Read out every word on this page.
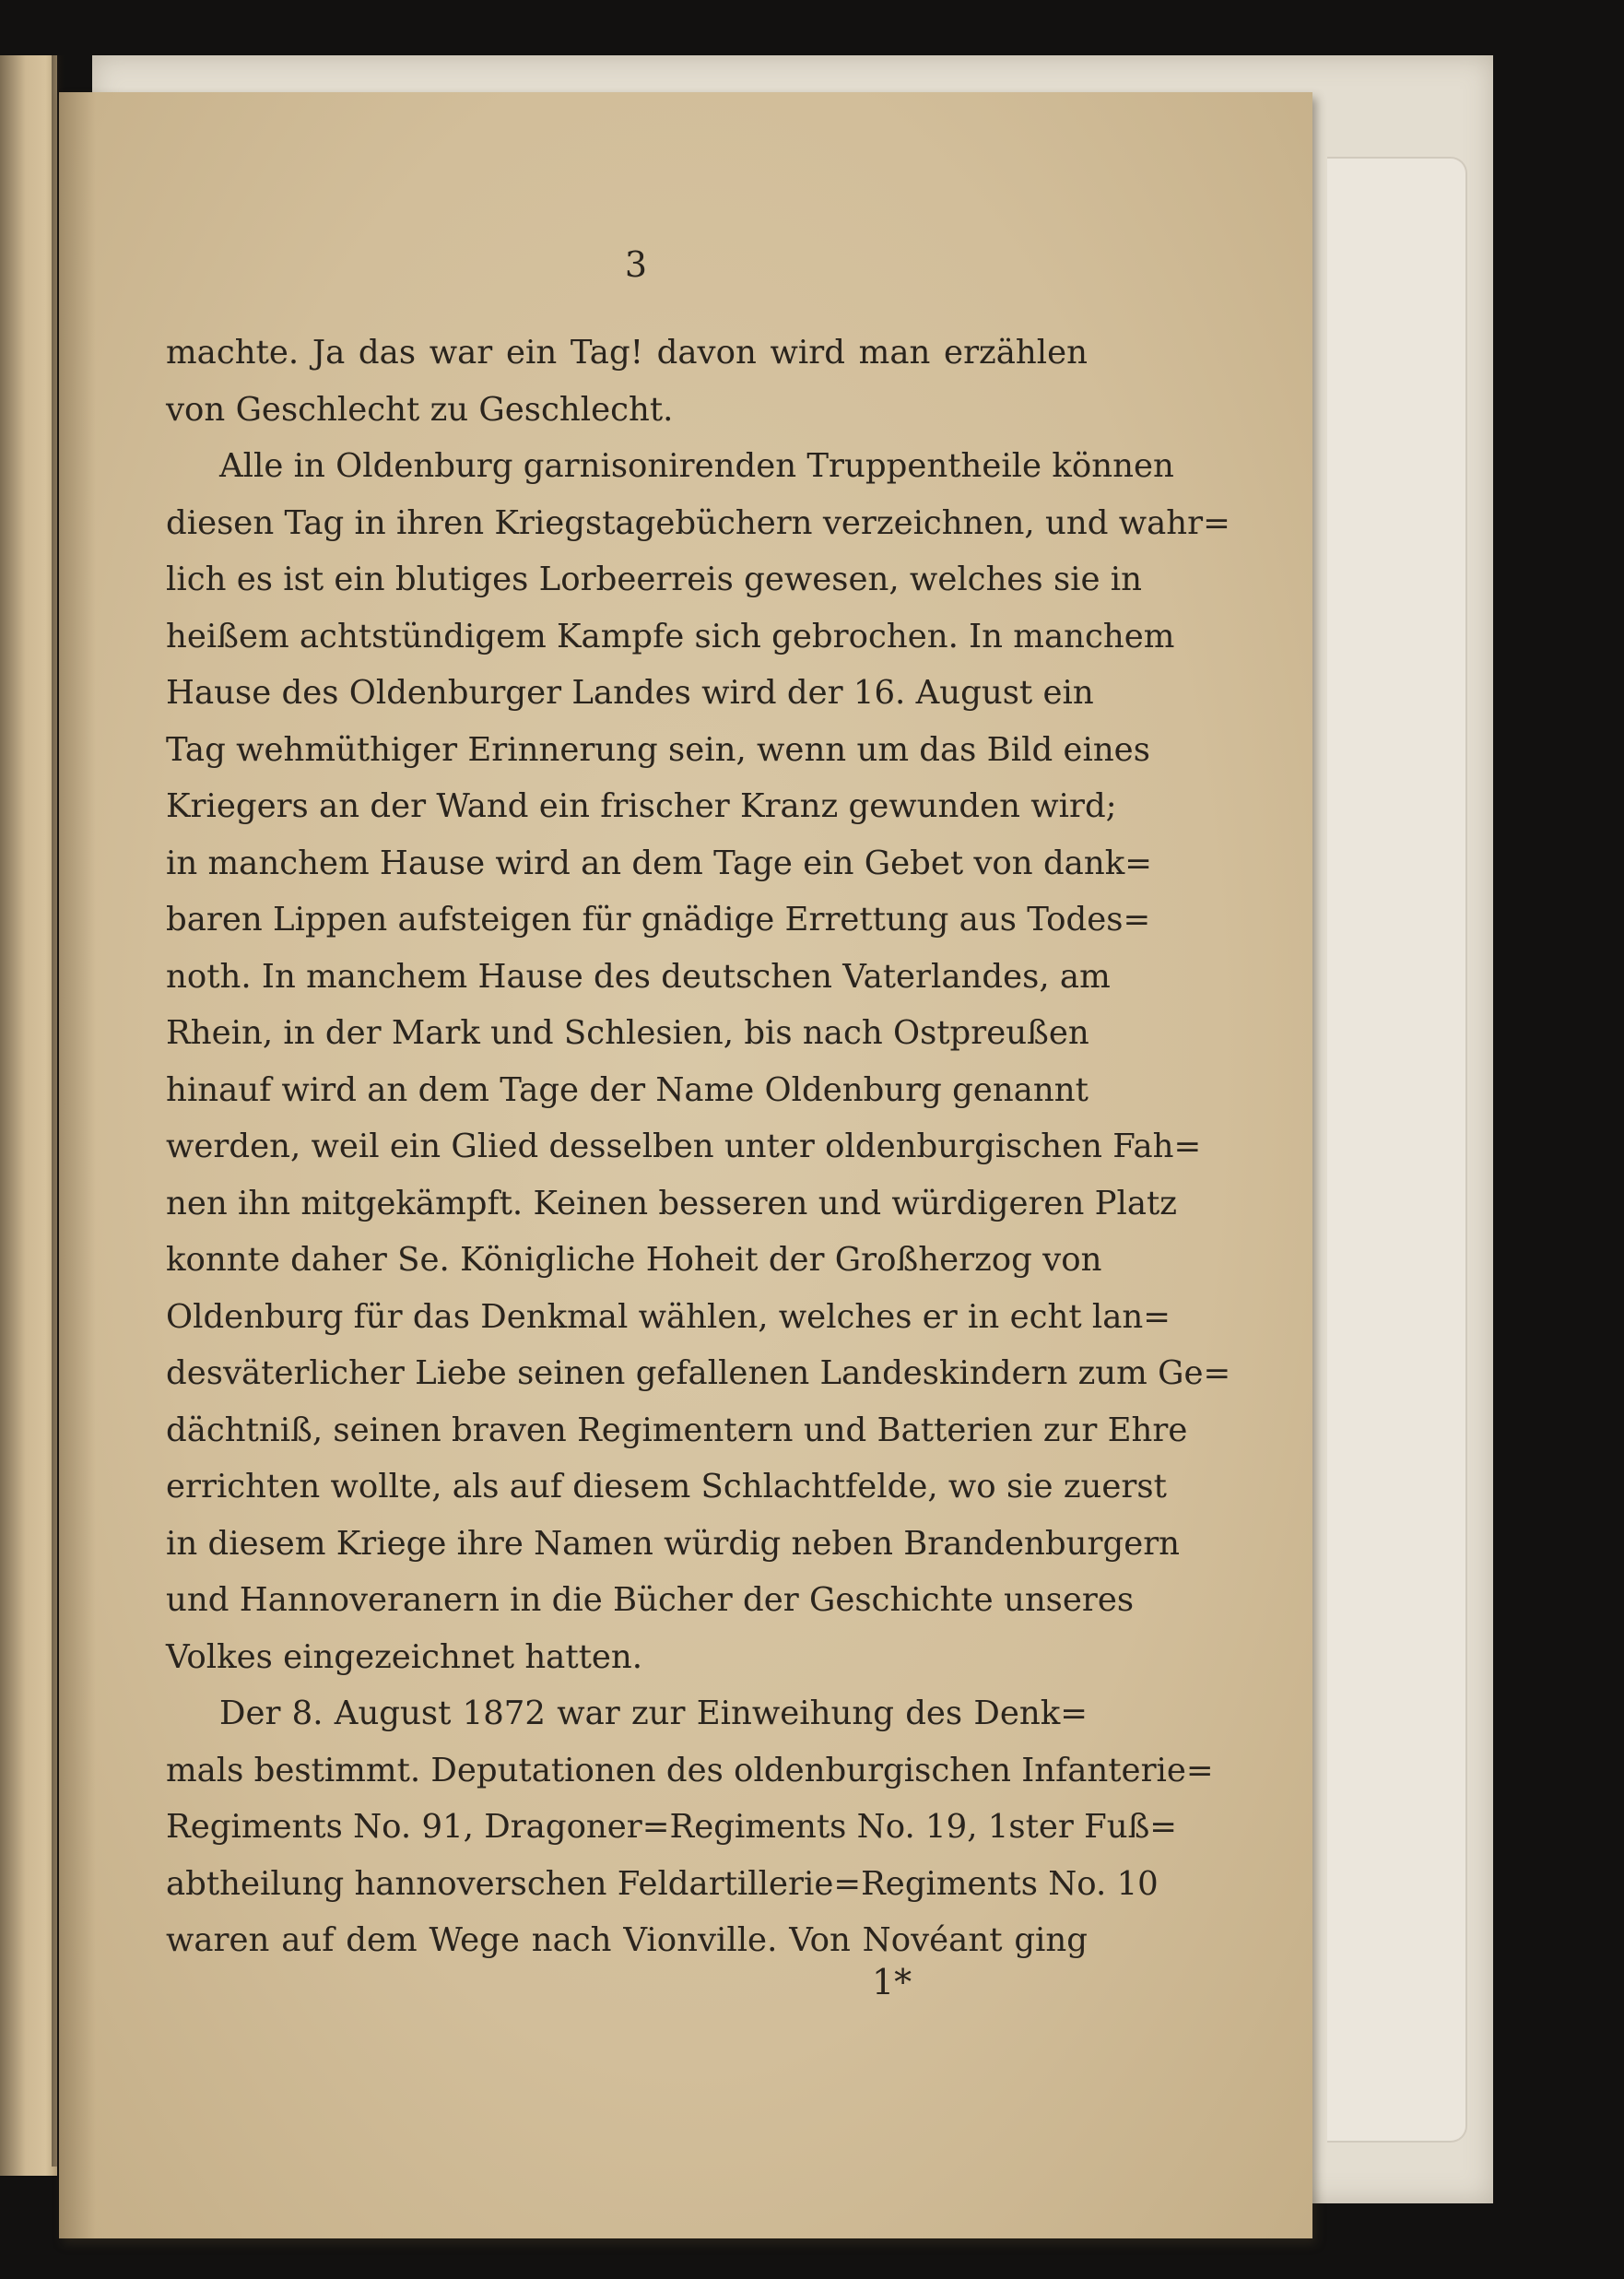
3
machte. Ja das war ein Tag! davon wird man erzählen
von Geschlecht zu Geschlecht.
Alle in Oldenburg garnisonirenden Truppentheile können
diesen Tag in ihren Kriegstagebüchern verzeichnen, und wahr=
lich es ist ein blutiges Lorbeerreis gewesen, welches sie in
heißem achtstündigem Kampfe sich gebrochen. In manchem
Hause des Oldenburger Landes wird der 16. August ein
Tag wehmüthiger Erinnerung sein, wenn um das Bild eines
Kriegers an der Wand ein frischer Kranz gewunden wird;
in manchem Hause wird an dem Tage ein Gebet von dank=
baren Lippen aufsteigen für gnädige Errettung aus Todes=
noth. In manchem Hause des deutschen Vaterlandes, am
Rhein, in der Mark und Schlesien, bis nach Ostpreußen
hinauf wird an dem Tage der Name Oldenburg genannt
werden, weil ein Glied desselben unter oldenburgischen Fah=
nen ihn mitgekämpft. Keinen besseren und würdigeren Platz
konnte daher Se. Königliche Hoheit der Großherzog von
Oldenburg für das Denkmal wählen, welches er in echt lan=
desväterlicher Liebe seinen gefallenen Landeskindern zum Ge=
dächtniß, seinen braven Regimentern und Batterien zur Ehre
errichten wollte, als auf diesem Schlachtfelde, wo sie zuerst
in diesem Kriege ihre Namen würdig neben Brandenburgern
und Hannoveranern in die Bücher der Geschichte unseres
Volkes eingezeichnet hatten.
Der 8. August 1872 war zur Einweihung des Denk=
mals bestimmt. Deputationen des oldenburgischen Infanterie=
Regiments No. 91, Dragoner=Regiments No. 19, 1ster Fuß=
abtheilung hannoverschen Feldartillerie=Regiments No. 10
waren auf dem Wege nach Vionville. Von Novéant ging
1*
